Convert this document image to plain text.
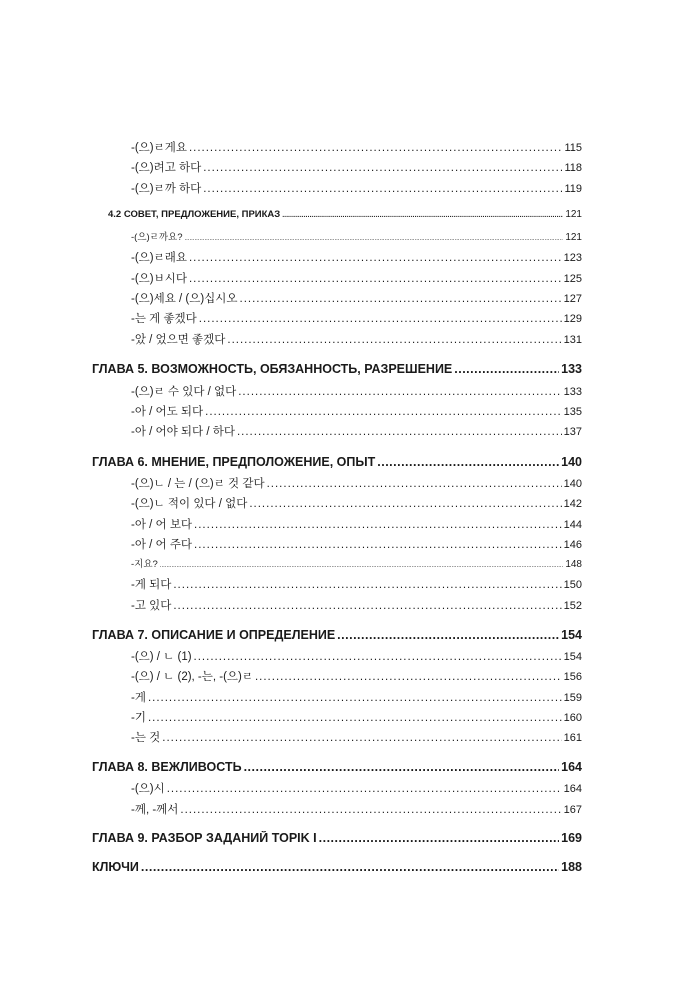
-(으)ㄹ게요 .....	115
-(으)려고 하다 .....	118
-(으)ㄹ까 하다 .....	119
4.2 СОВЕТ, ПРЕДЛОЖЕНИЕ, ПРИКАЗ .....	121
-(으)ㄹ까요? .....	121
-(으)ㄹ래요 .....	123
-(으)ㅂ시다 .....	125
-(으)세요 / (으)십시오 .....	127
-는 게 좋겠다 .....	129
-았 / 었으면 좋겠다 .....	131
ГЛАВА 5. ВОЗМОЖНОСТЬ, ОБЯЗАННОСТЬ, РАЗРЕШЕНИЕ .....	133
-(으)ㄹ 수 있다 / 없다 .....	133
-아 / 어도 되다 .....	135
-아 / 어야 되다 / 하다 .....	137
ГЛАВА 6. МНЕНИЕ, ПРЕДПОЛОЖЕНИЕ, ОПЫТ .....	140
-(으)ㄴ / 는 / (으)ㄹ 것 같다 .....	140
-(으)ㄴ 적이 있다 / 없다 .....	142
-아 / 어 보다 .....	144
-아 / 어 주다 .....	146
-지요? .....	148
-게 되다 .....	150
-고 있다 .....	152
ГЛАВА 7. ОПИСАНИЕ И ОПРЕДЕЛЕНИЕ .....	154
-(으) / ㄴ (1) .....	154
-(으) / ㄴ (2), -는, -(으)ㄹ .....	156
-게 .....	159
-기 .....	160
-는 것 .....	161
ГЛАВА 8. ВЕЖЛИВОСТЬ .....	164
-(으)시 .....	164
-께, -께서 .....	167
ГЛАВА 9. РАЗБОР ЗАДАНИЙ TOPIK I .....	169
КЛЮЧИ .....	188
